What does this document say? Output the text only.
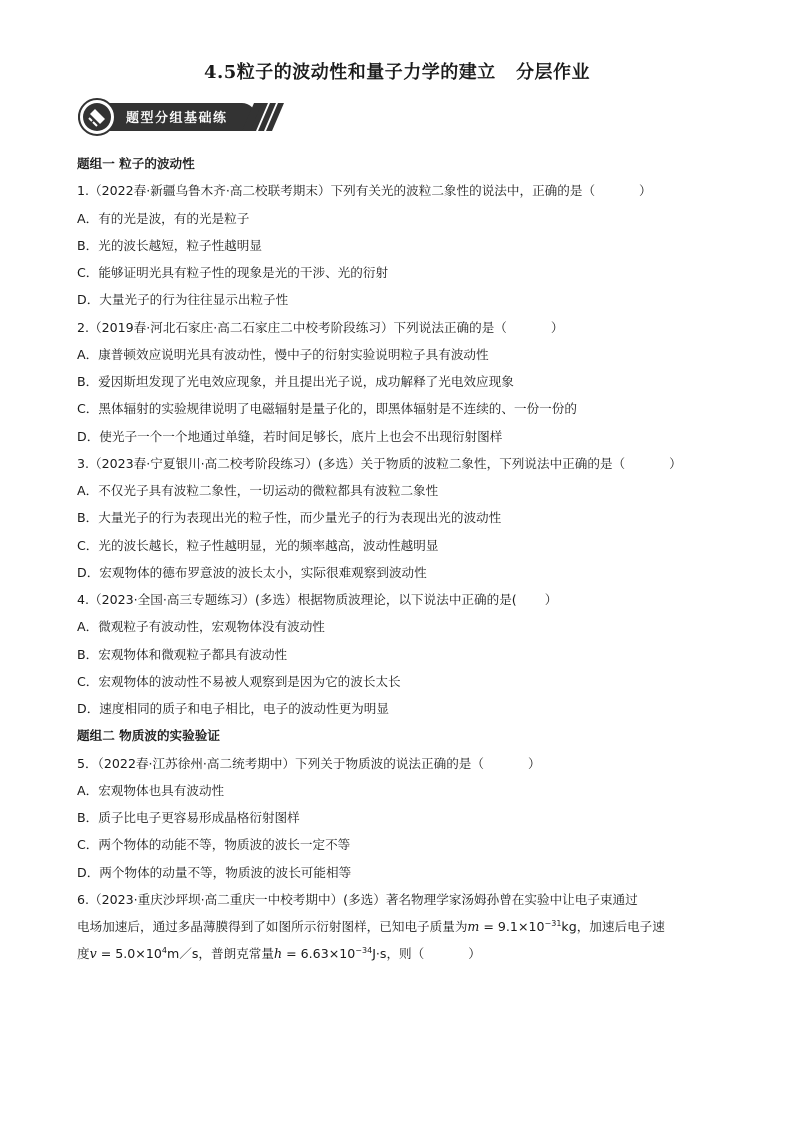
4.5粒子的波动性和量子力学的建立   分层作业
题型分组基础练
题组一 粒子的波动性
1.（2022春·新疆乌鲁木齐·高二校联考期末）下列有关光的波粒二象性的说法中，正确的是（	）
A．有的光是波，有的光是粒子
B．光的波长越短，粒子性越明显
C．能够证明光具有粒子性的现象是光的干涉、光的衍射
D．大量光子的行为往往显示出粒子性
2.（2019春·河北石家庄·高二石家庄二中校考阶段练习）下列说法正确的是（	）
A．康普顿效应说明光具有波动性，慢中子的衍射实验说明粒子具有波动性
B．爱因斯坦发现了光电效应现象，并且提出光子说，成功解释了光电效应现象
C．黑体辐射的实验规律说明了电磁辐射是量子化的，即黑体辐射是不连续的、一份一份的
D．使光子一个一个地通过单缝，若时间足够长，底片上也会不出现衍射图样
3.（2023春·宁夏银川·高二校考阶段练习）(多选）关于物质的波粒二象性，下列说法中正确的是（	）
A．不仅光子具有波粒二象性，一切运动的微粒都具有波粒二象性
B．大量光子的行为表现出光的粒子性，而少量光子的行为表现出光的波动性
C．光的波长越长，粒子性越明显，光的频率越高，波动性越明显
D．宏观物体的德布罗意波的波长太小，实际很难观察到波动性
4.（2023·全国·高三专题练习）(多选）根据物质波理论，以下说法中正确的是( ）
A．微观粒子有波动性，宏观物体没有波动性
B．宏观物体和微观粒子都具有波动性
C．宏观物体的波动性不易被人观察到是因为它的波长太长
D．速度相同的质子和电子相比，电子的波动性更为明显
题组二 物质波的实验验证
5．（2022春·江苏徐州·高二统考期中）下列关于物质波的说法正确的是（	）
A．宏观物体也具有波动性
B．质子比电子更容易形成晶格衍射图样
C．两个物体的动能不等，物质波的波长一定不等
D．两个物体的动量不等，物质波的波长可能相等
6.（2023·重庆沙坪坝·高二重庆一中校考期中）(多选）著名物理学家汤姆孙曾在实验中让电子束通过
电场加速后，通过多晶薄膜得到了如图所示衍射图样，已知电子质量为$m = 9.1\times 10^{-31}kg$，加速后电子速
度$v = 5.0\times 10^4m/s$，普朗克常量$h = 6.63\times 10^{-34}J\cdot s$，则（	）
